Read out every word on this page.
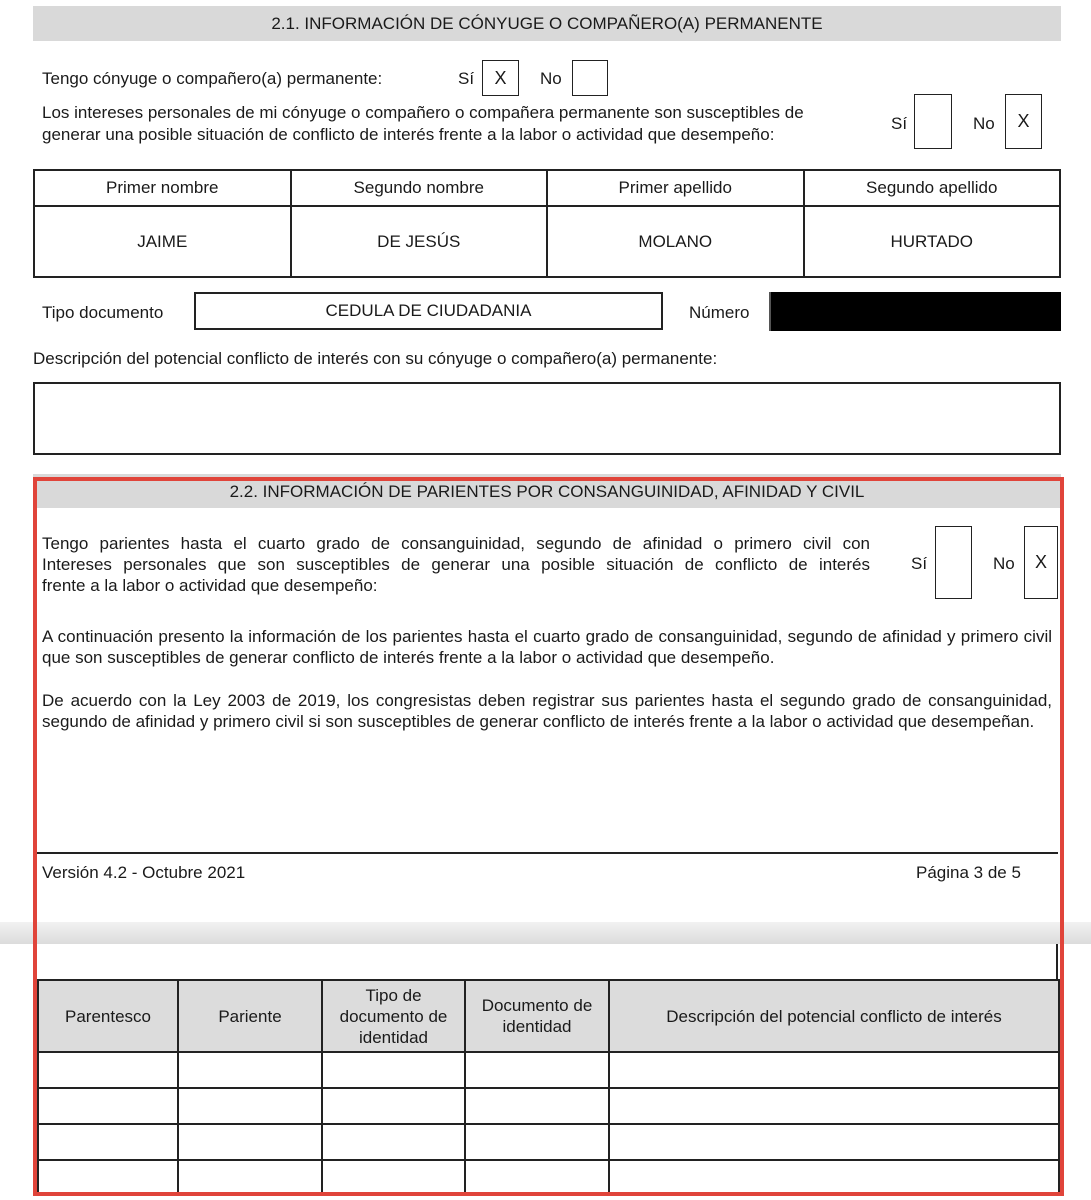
2.1. INFORMACIÓN DE CÓNYUGE O COMPAÑERO(A) PERMANENTE
Tengo cónyuge o compañero(a) permanente:	Sí	X	No
Los intereses personales de mi cónyuge o compañero o compañera permanente son susceptibles de
generar una posible situación de conflicto de interés frente a la labor o actividad que desempeño:
Sí	No	X
Primer nombre	Segundo nombre	Primer apellido	Segundo apellido
JAIME	DE JESÚS	MOLANO	HURTADO
Tipo documento	CEDULA DE CIUDADANIA	Número
Descripción del potencial conflicto de interés con su cónyuge o compañero(a) permanente:
2.2. INFORMACIÓN DE PARIENTES POR CONSANGUINIDAD, AFINIDAD Y CIVIL
Tengo parientes hasta el cuarto grado de consanguinidad, segundo de afinidad o primero civil con
Intereses personales que son susceptibles de generar una posible situación de conflicto de interés
frente a la labor o actividad que desempeño:
Sí	No	X
A continuación presento la información de los parientes hasta el cuarto grado de consanguinidad, segundo de afinidad y primero civil que son susceptibles de generar conflicto de interés frente a la labor o actividad que desempeño.
De acuerdo con la Ley 2003 de 2019, los congresistas deben registrar sus parientes hasta el segundo grado de consanguinidad, segundo de afinidad y primero civil si son susceptibles de generar conflicto de interés frente a la labor o actividad que desempeñan.
Versión 4.2 - Octubre 2021	Página 3 de 5
Parentesco	Pariente	Tipo de documento de identidad	Documento de identidad	Descripción del potencial conflicto de interés
